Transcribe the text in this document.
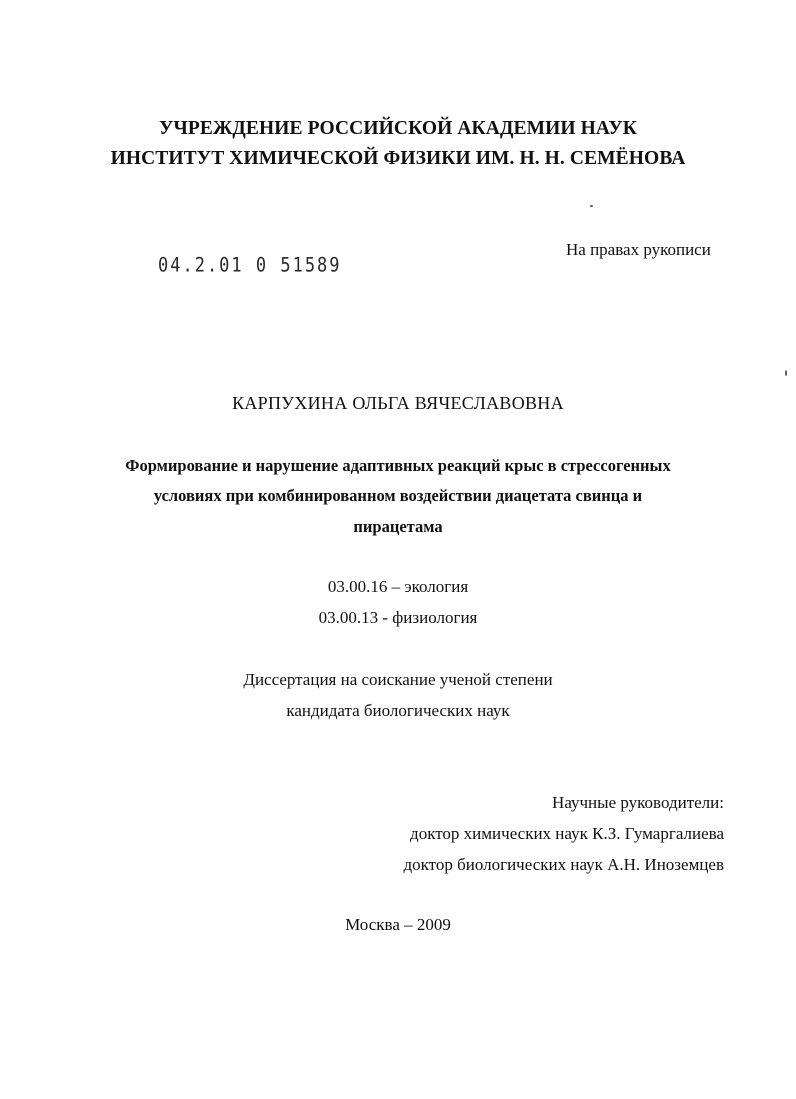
УЧРЕЖДЕНИЕ РОССИЙСКОЙ АКАДЕМИИ НАУК
ИНСТИТУТ ХИМИЧЕСКОЙ ФИЗИКИ ИМ. Н. Н. СЕМЁНОВА
04.2.01 0 51589
На правах рукописи
КАРПУХИНА ОЛЬГА ВЯЧЕСЛАВОВНА
Формирование и нарушение адаптивных реакций крыс в стрессогенных
условиях при комбинированном воздействии диацетата свинца и
пирацетама
03.00.16 – экология
03.00.13 - физиология
Диссертация на соискание ученой степени
кандидата биологических наук
Научные руководители:
доктор химических наук К.З. Гумаргалиева
доктор биологических наук А.Н. Иноземцев
Москва – 2009
